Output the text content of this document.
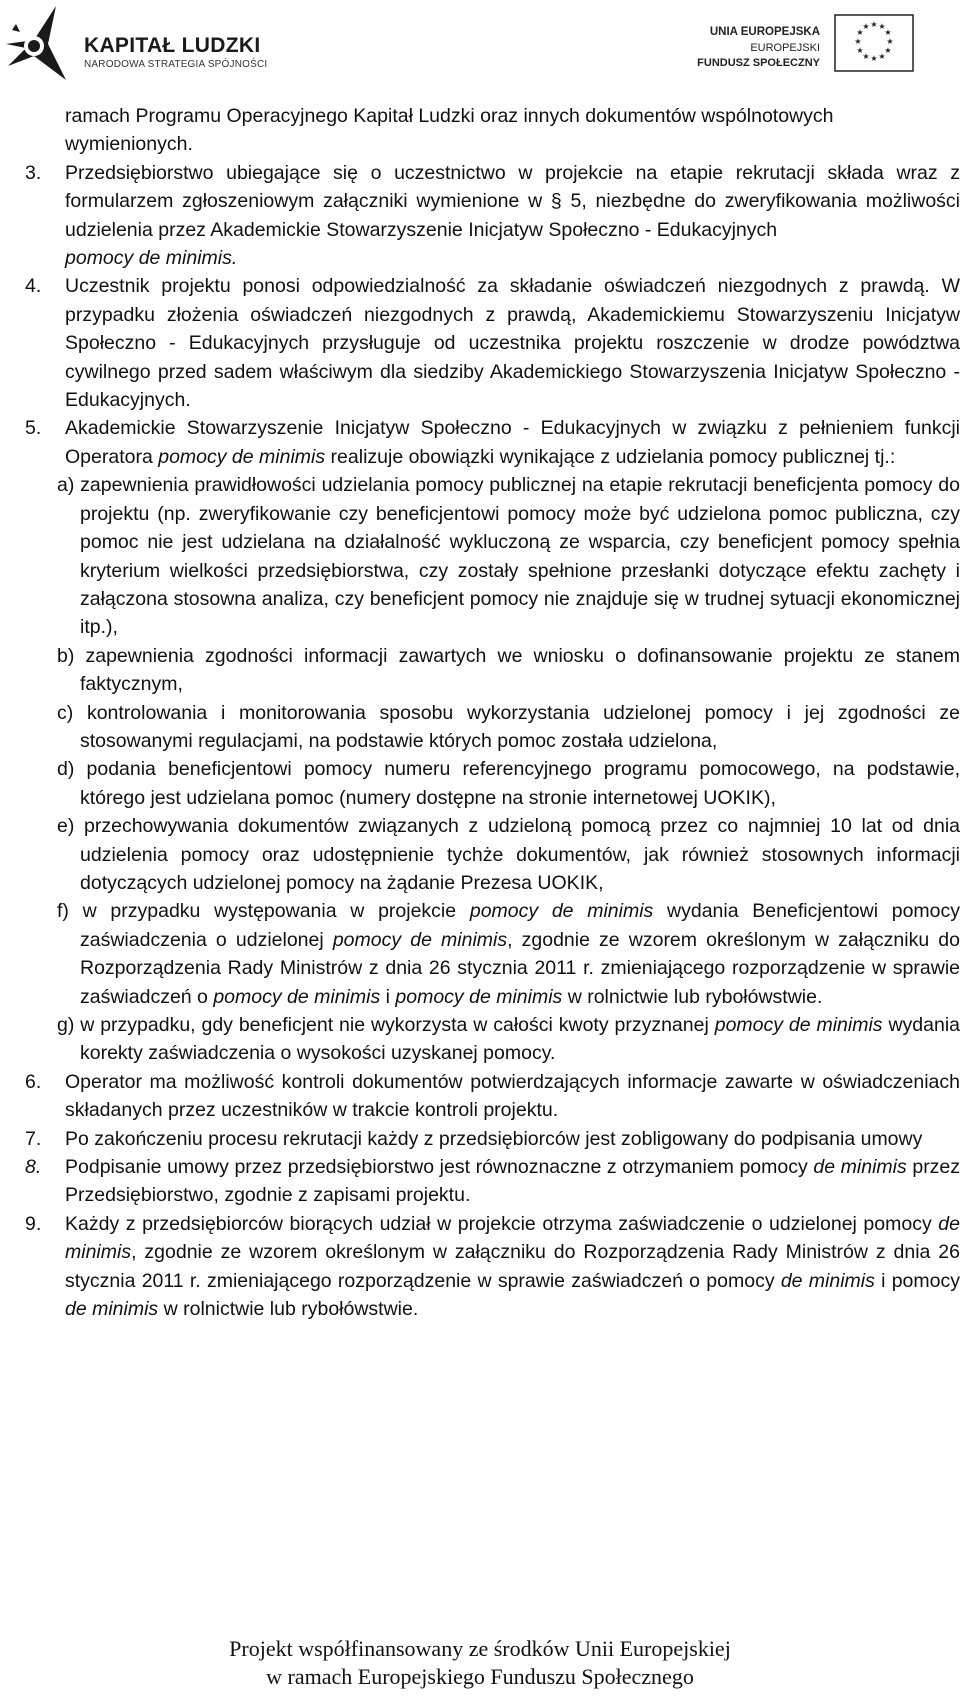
KAPITAŁ LUDZKI
NARODOWA STRATEGIA SPÓJNOŚCI
UNIA EUROPEJSKA
EUROPEJSKI
FUNDUSZ SPOŁECZNY
★ ★
★
★
★
★
★
★
★
★
★
★
ramach Programu Operacyjnego Kapitał Ludzki oraz innych dokumentów wspólnotowych
wymienionych.
3. Przedsiębiorstwo ubiegające się o uczestnictwo w projekcie na etapie rekrutacji składa wraz z formularzem zgłoszeniowym załączniki wymienione w § 5, niezbędne do zweryfikowania możliwości udzielenia przez Akademickie Stowarzyszenie Inicjatyw Społeczno - Edukacyjnych
pomocy de minimis.
4. Uczestnik projektu ponosi odpowiedzialność za składanie oświadczeń niezgodnych z prawdą. W przypadku złożenia oświadczeń niezgodnych z prawdą, Akademickiemu Stowarzyszeniu Inicjatyw Społeczno - Edukacyjnych przysługuje od uczestnika projektu roszczenie w drodze powództwa cywilnego przed sadem właściwym dla siedziby Akademickiego Stowarzyszenia Inicjatyw Społeczno - Edukacyjnych.
5. Akademickie Stowarzyszenie Inicjatyw Społeczno - Edukacyjnych w związku z pełnieniem funkcji Operatora pomocy de minimis realizuje obowiązki wynikające z udzielania pomocy publicznej tj.:
a) zapewnienia prawidłowości udzielania pomocy publicznej na etapie rekrutacji beneficjenta pomocy do projektu (np. zweryfikowanie czy beneficjentowi pomocy może być udzielona pomoc publiczna, czy pomoc nie jest udzielana na działalność wykluczoną ze wsparcia, czy beneficjent pomocy spełnia kryterium wielkości przedsiębiorstwa, czy zostały spełnione przesłanki dotyczące efektu zachęty i załączona stosowna analiza, czy beneficjent pomocy nie znajduje się w trudnej sytuacji ekonomicznej itp.),
b) zapewnienia zgodności informacji zawartych we wniosku o dofinansowanie projektu ze stanem faktycznym,
c) kontrolowania i monitorowania sposobu wykorzystania udzielonej pomocy i jej zgodności ze stosowanymi regulacjami, na podstawie których pomoc została udzielona,
d) podania beneficjentowi pomocy numeru referencyjnego programu pomocowego, na podstawie, którego jest udzielana pomoc (numery dostępne na stronie internetowej UOKIK),
e) przechowywania dokumentów związanych z udzieloną pomocą przez co najmniej 10 lat od dnia udzielenia pomocy oraz udostępnienie tychże dokumentów, jak również stosownych informacji dotyczących udzielonej pomocy na żądanie Prezesa UOKIK,
f) w przypadku występowania w projekcie pomocy de minimis wydania Beneficjentowi pomocy zaświadczenia o udzielonej pomocy de minimis, zgodnie ze wzorem określonym w załączniku do Rozporządzenia Rady Ministrów z dnia 26 stycznia 2011 r. zmieniającego rozporządzenie w sprawie zaświadczeń o pomocy de minimis i pomocy de minimis w rolnictwie lub rybołówstwie.
g) w przypadku, gdy beneficjent nie wykorzysta w całości kwoty przyznanej pomocy de minimis wydania korekty zaświadczenia o wysokości uzyskanej pomocy.
6. Operator ma możliwość kontroli dokumentów potwierdzających informacje zawarte w oświadczeniach składanych przez uczestników w trakcie kontroli projektu.
7. Po zakończeniu procesu rekrutacji każdy z przedsiębiorców jest zobligowany do podpisania umowy
8. Podpisanie umowy przez przedsiębiorstwo jest równoznaczne z otrzymaniem pomocy de minimis przez Przedsiębiorstwo, zgodnie z zapisami projektu.
9. Każdy z przedsiębiorców biorących udział w projekcie otrzyma zaświadczenie o udzielonej pomocy de minimis, zgodnie ze wzorem określonym w załączniku do Rozporządzenia Rady Ministrów z dnia 26 stycznia 2011 r. zmieniającego rozporządzenie w sprawie zaświadczeń o pomocy de minimis i pomocy de minimis w rolnictwie lub rybołówstwie.
Projekt współfinansowany ze środków Unii Europejskiej
w ramach Europejskiego Funduszu Społecznego
